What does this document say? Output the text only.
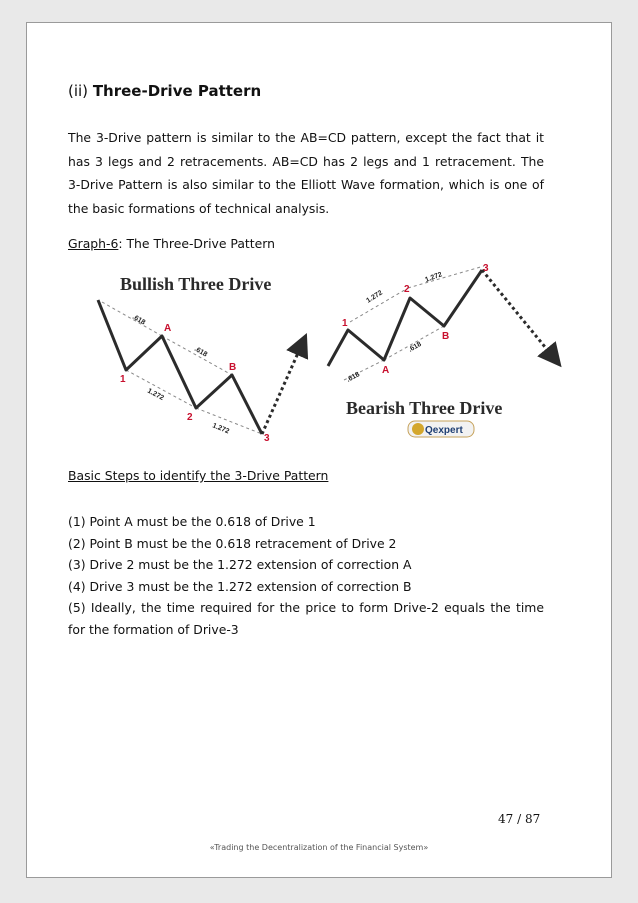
(ii) Three-Drive Pattern
The 3-Drive pattern is similar to the AB=CD pattern, except the fact that it has 3 legs and 2 retracements. AB=CD has 2 legs and 1 retracement. The 3-Drive Pattern is also similar to the Elliott Wave formation, which is one of the basic formations of technical analysis.
Graph-6: The Three-Drive Pattern
Bullish Three Drive
1
A
2
B
3
.618
.618
1.272
1.272
1
2
3
A
B
1.272
1.272
.618
.618
Bearish Three Drive
Qexpert
Basic Steps to identify the 3-Drive Pattern
(1) Point A must be the 0.618 of Drive 1
(2) Point B must be the 0.618 retracement of Drive 2
(3) Drive 2 must be the 1.272 extension of correction A
(4) Drive 3 must be the 1.272 extension of correction B
(5) Ideally, the time required for the price to form Drive-2 equals the time for the formation of Drive-3
47 / 87
«Trading the Decentralization of the Financial System»
